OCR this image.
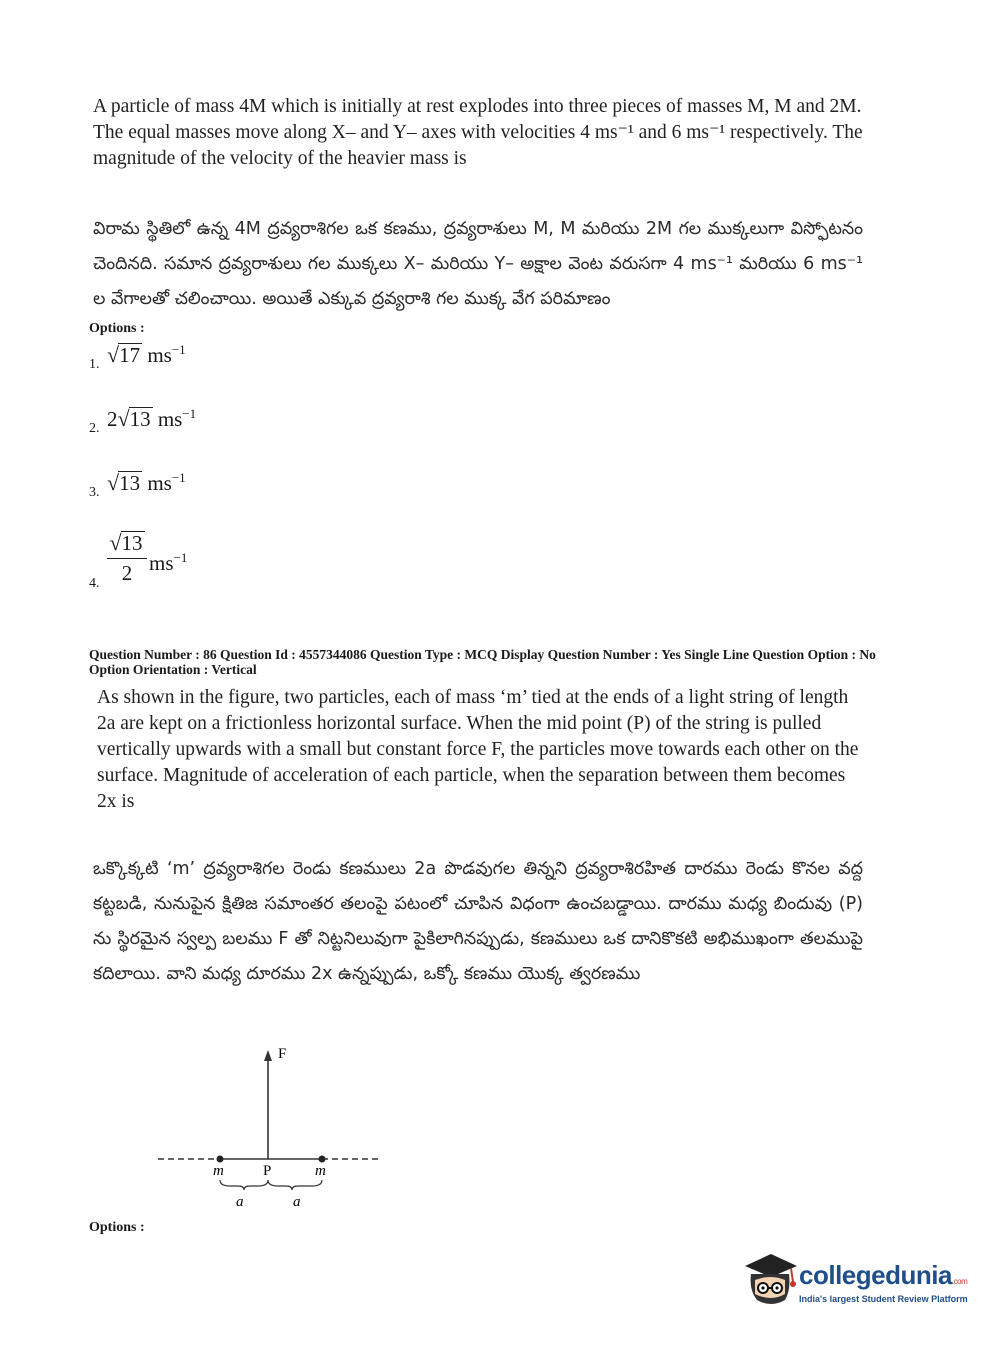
A particle of mass 4M which is initially at rest explodes into three pieces of masses M, M and 2M. The equal masses move along X– and Y– axes with velocities 4 ms⁻¹ and 6 ms⁻¹ respectively. The magnitude of the velocity of the heavier mass is
విరామ స్థితిలో ఉన్న 4M ద్రవ్యరాశిగల ఒక కణము, ద్రవ్యరాశులు M, M మరియు 2M గల ముక్కలుగా విస్ఫోటనం చెందినది. సమాన ద్రవ్యరాశులు గల ముక్కలు X– మరియు Y– అక్షాల వెంట వరుసగా 4 ms⁻¹ మరియు 6 ms⁻¹ ల వేగాలతో చలించాయి. అయితే ఎక్కువ ద్రవ్యరాశి గల ముక్క వేగ పరిమాణం
Options :
1. √17 $ms^{-1}$
2. 2√13 $ms^{-1}$
3. √13 $ms^{-1}$
4.
√13
2 $ms^{-1}$
Question Number : 86 Question Id : 4557344086 Question Type : MCQ Display Question Number : Yes Single Line Question Option : No Option Orientation : Vertical
As shown in the figure, two particles, each of mass ‘m’ tied at the ends of a light string of length 2a are kept on a frictionless horizontal surface. When the mid point (P) of the string is pulled vertically upwards with a small but constant force F, the particles move towards each other on the surface. Magnitude of acceleration of each particle, when the separation between them becomes 2x is
ఒక్కొక్కటి ‘m’ ద్రవ్యరాశిగల రెండు కణములు 2a పొడవుగల తిన్నని ద్రవ్యరాశిరహిత దారము రెండు కొనల వద్ద కట్టబడి, నునుపైన క్షితిజ సమాంతర తలంపై పటంలో చూపిన విధంగా ఉంచబడ్డాయి. దారము మధ్య బిందువు (P) ను స్థిరమైన స్వల్ప బలము F తో నిట్టనిలువుగా పైకిలాగినప్పుడు, కణములు ఒక దానికొకటి అభిముఖంగా తలముపై కదిలాయి. వాని మధ్య దూరము 2x ఉన్నప్పుడు, ఒక్కో కణము యొక్క త్వరణము
F
m	P	m
a	a
Options :
collegedunia.com
India's largest Student Review Platform
